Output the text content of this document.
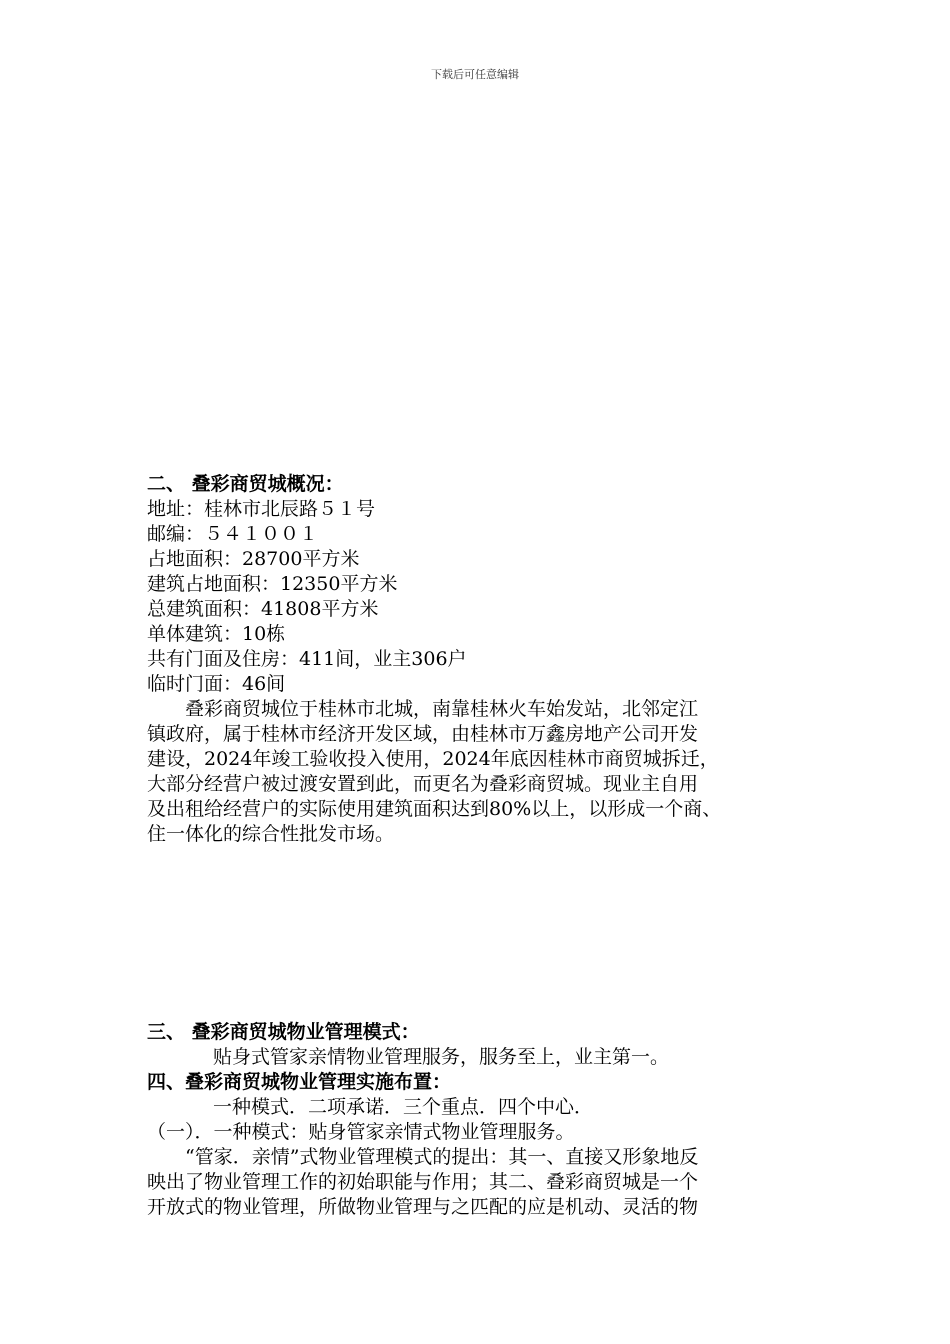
下载后可任意编辑
二、 叠彩商贸城概况：
地址：桂林市北辰路５１号
邮编：５４１００１
占地面积：28700平方米
建筑占地面积：12350平方米
总建筑面积：41808平方米
单体建筑：10栋
共有门面及住房：411间，业主306户
临时门面：46间
　　叠彩商贸城位于桂林市北城，南靠桂林火车始发站，北邻定江
镇政府，属于桂林市经济开发区域，由桂林市万鑫房地产公司开发
建设，2024年竣工验收投入使用，2024年底因桂林市商贸城拆迁，
大部分经营户被过渡安置到此，而更名为叠彩商贸城。现业主自用
及出租给经营户的实际使用建筑面积达到80%以上，以形成一个商、
住一体化的综合性批发市场。
三、 叠彩商贸城物业管理模式：
贴身式管家亲情物业管理服务，服务至上，业主第一。
四、叠彩商贸城物业管理实施布置：
一种模式．二项承诺．三个重点．四个中心．
（一）．一种模式：贴身管家亲情式物业管理服务。
　　“管家．亲情”式物业管理模式的提出：其一、直接又形象地反
映出了物业管理工作的初始职能与作用；其二、叠彩商贸城是一个
开放式的物业管理，所做物业管理与之匹配的应是机动、灵活的物
